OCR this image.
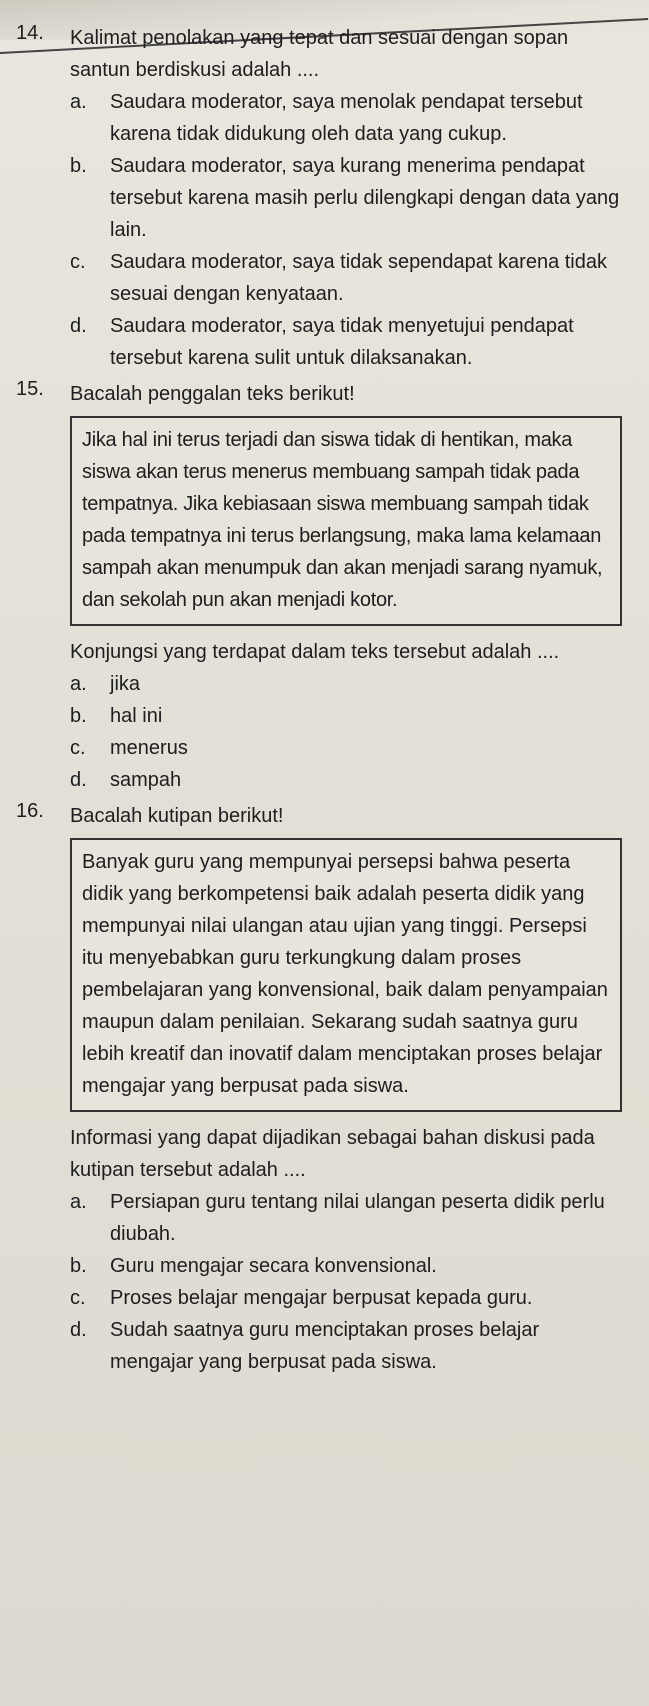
14. Kalimat penolakan yang tepat dan sesuai dengan sopan santun berdiskusi adalah ....
a. Saudara moderator, saya menolak pendapat tersebut karena tidak didukung oleh data yang cukup.
b. Saudara moderator, saya kurang menerima pendapat tersebut karena masih perlu dilengkapi dengan data yang lain.
c. Saudara moderator, saya tidak sependapat karena tidak sesuai dengan kenyataan.
d. Saudara moderator, saya tidak menyetujui pendapat tersebut karena sulit untuk dilaksanakan.
15. Bacalah penggalan teks berikut!
Jika hal ini terus terjadi dan siswa tidak di hentikan, maka siswa akan terus menerus membuang sampah tidak pada tempatnya. Jika kebiasaan siswa membuang sampah tidak pada tempatnya ini terus berlangsung, maka lama kelamaan sampah akan menumpuk dan akan menjadi sarang nyamuk, dan sekolah pun akan menjadi kotor.
Konjungsi yang terdapat dalam teks tersebut adalah ....
a. jika
b. hal ini
c. menerus
d. sampah
16. Bacalah kutipan berikut!
Banyak guru yang mempunyai persepsi bahwa peserta didik yang berkompetensi baik adalah peserta didik yang mempunyai nilai ulangan atau ujian yang tinggi. Persepsi itu menyebabkan guru terkungkung dalam proses pembelajaran yang konvensional, baik dalam penyampaian maupun dalam penilaian. Sekarang sudah saatnya guru lebih kreatif dan inovatif dalam menciptakan proses belajar mengajar yang berpusat pada siswa.
Informasi yang dapat dijadikan sebagai bahan diskusi pada kutipan tersebut adalah ....
a. Persiapan guru tentang nilai ulangan peserta didik perlu diubah.
b. Guru mengajar secara konvensional.
c. Proses belajar mengajar berpusat kepada guru.
d. Sudah saatnya guru menciptakan proses belajar mengajar yang berpusat pada siswa.
